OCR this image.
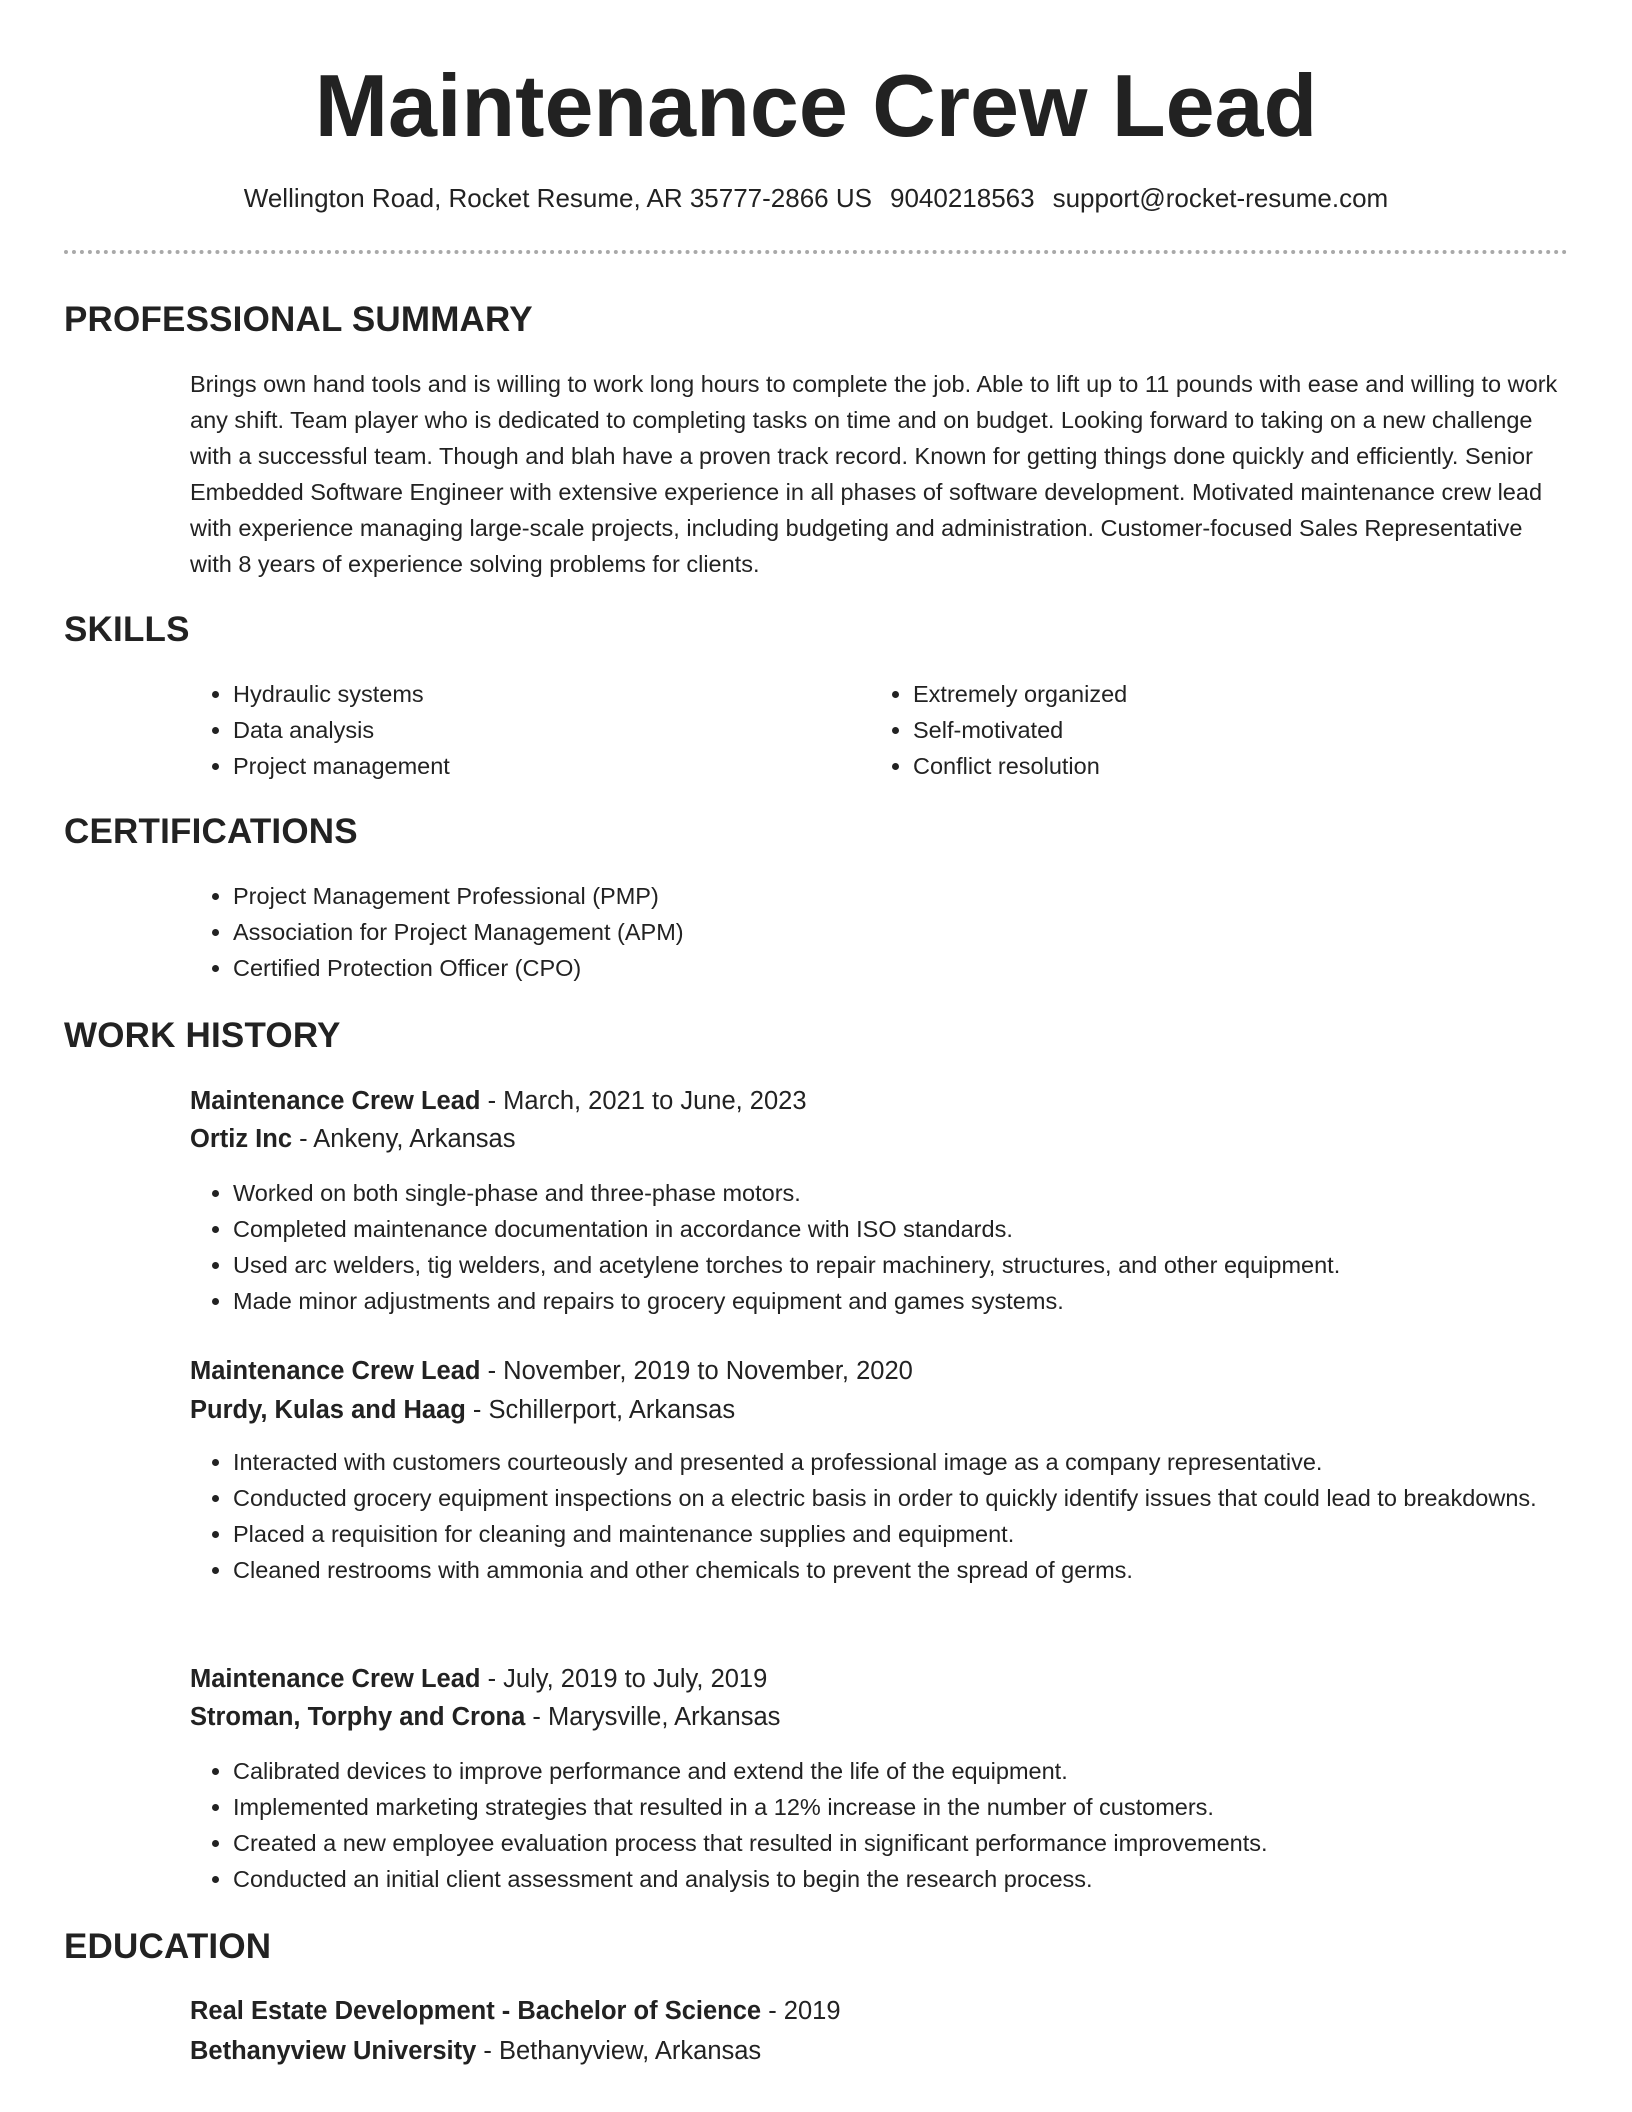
Maintenance Crew Lead
Wellington Road, Rocket Resume, AR 35777-2866 US 9040218563 support@rocket-resume.com
PROFESSIONAL SUMMARY

Brings own hand tools and is willing to work long hours to complete the job. Able to lift up to 11 pounds with ease and willing to work any shift. Team player who is dedicated to completing tasks on time and on budget. Looking forward to taking on a new challenge with a successful team. Though and blah have a proven track record. Known for getting things done quickly and efficiently. Senior Embedded Software Engineer with extensive experience in all phases of software development. Motivated maintenance crew lead with experience managing large-scale projects, including budgeting and administration. Customer-focused Sales Representative with 8 years of experience solving problems for clients.

SKILLS
• Hydraulic systems
• Data analysis
• Project management
• Extremely organized
• Self-motivated
• Conflict resolution
CERTIFICATIONS
• Project Management Professional (PMP)
• Association for Project Management (APM)
• Certified Protection Officer (CPO)
WORK HISTORY
Maintenance Crew Lead - March, 2021 to June, 2023
Ortiz Inc - Ankeny, Arkansas
• Worked on both single-phase and three-phase motors.
• Completed maintenance documentation in accordance with ISO standards.
• Used arc welders, tig welders, and acetylene torches to repair machinery, structures, and other equipment.
• Made minor adjustments and repairs to grocery equipment and games systems.
Maintenance Crew Lead - November, 2019 to November, 2020
Purdy, Kulas and Haag - Schillerport, Arkansas
• Interacted with customers courteously and presented a professional image as a company representative.
• Conducted grocery equipment inspections on a electric basis in order to quickly identify issues that could lead to breakdowns.
• Placed a requisition for cleaning and maintenance supplies and equipment.
• Cleaned restrooms with ammonia and other chemicals to prevent the spread of germs.
Maintenance Crew Lead - July, 2019 to July, 2019
Stroman, Torphy and Crona - Marysville, Arkansas
• Calibrated devices to improve performance and extend the life of the equipment.
• Implemented marketing strategies that resulted in a 12% increase in the number of customers.
• Created a new employee evaluation process that resulted in significant performance improvements.
• Conducted an initial client assessment and analysis to begin the research process.
EDUCATION
Real Estate Development - Bachelor of Science - 2019
Bethanyview University - Bethanyview, Arkansas
